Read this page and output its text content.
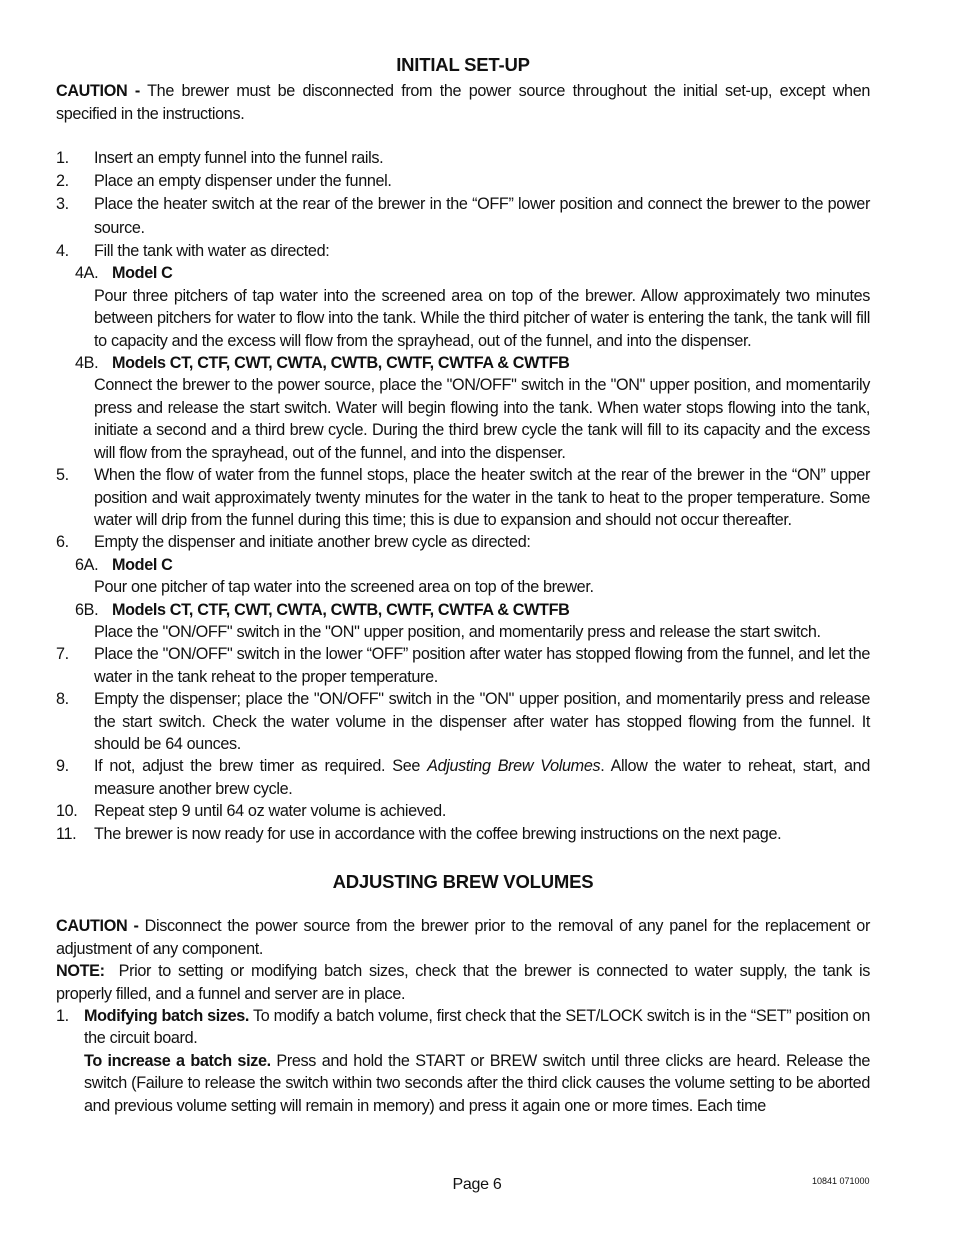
INITIAL SET-UP

CAUTION - The brewer must be disconnected from the power source throughout the initial set-up, except when specified in the instructions.

1. Insert an empty funnel into the funnel rails.

2. Place an empty dispenser under the funnel.

3. Place the heater switch at the rear of the brewer in the “OFF” lower position and connect the brewer to the power source.

4. Fill the tank with water as directed:

4A. Model C

Pour three pitchers of tap water into the screened area on top of the brewer. Allow approximately two minutes between pitchers for water to flow into the tank. While the third pitcher of water is entering the tank, the tank will fill to capacity and the excess will flow from the sprayhead, out of the funnel, and into the dispenser.

4B. Models CT, CTF, CWT, CWTA, CWTB, CWTF, CWTFA & CWTFB

Connect the brewer to the power source, place the "ON/OFF" switch in the "ON" upper position, and momentarily press and release the start switch. Water will begin flowing into the tank. When water stops flowing into the tank, initiate a second and a third brew cycle. During the third brew cycle the tank will fill to its capacity and the excess will flow from the sprayhead, out of the funnel, and into the dispenser.

5. When the flow of water from the funnel stops, place the heater switch at the rear of the brewer in the “ON” upper position and wait approximately twenty minutes for the water in the tank to heat to the proper temperature. Some water will drip from the funnel during this time; this is due to expansion and should not occur thereafter.

6. Empty the dispenser and initiate another brew cycle as directed:

6A. Model C

Pour one pitcher of tap water into the screened area on top of the brewer.

6B. Models CT, CTF, CWT, CWTA, CWTB, CWTF, CWTFA & CWTFB

Place the "ON/OFF" switch in the "ON" upper position, and momentarily press and release the start switch.

7. Place the "ON/OFF" switch in the lower “OFF” position after water has stopped flowing from the funnel, and let the water in the tank reheat to the proper temperature.

8. Empty the dispenser; place the "ON/OFF" switch in the "ON" upper position, and momentarily press and release the start switch. Check the water volume in the dispenser after water has stopped flowing from the funnel. It should be 64 ounces.

9. If not, adjust the brew timer as required. See Adjusting Brew Volumes. Allow the water to reheat, start, and measure another brew cycle.

10. Repeat step 9 until 64 oz water volume is achieved.

11. The brewer is now ready for use in accordance with the coffee brewing instructions on the next page.

ADJUSTING BREW VOLUMES

CAUTION - Disconnect the power source from the brewer prior to the removal of any panel for the replacement or adjustment of any component.

NOTE: Prior to setting or modifying batch sizes, check that the brewer is connected to water supply, the tank is properly filled, and a funnel and server are in place.

1. Modifying batch sizes. To modify a batch volume, first check that the SET/LOCK switch is in the “SET” position on the circuit board.

To increase a batch size. Press and hold the START or BREW switch until three clicks are heard. Release the switch (Failure to release the switch within two seconds after the third click causes the volume setting to be aborted and previous volume setting will remain in memory) and press it again one or more times. Each time

Page 6	10841 071000
